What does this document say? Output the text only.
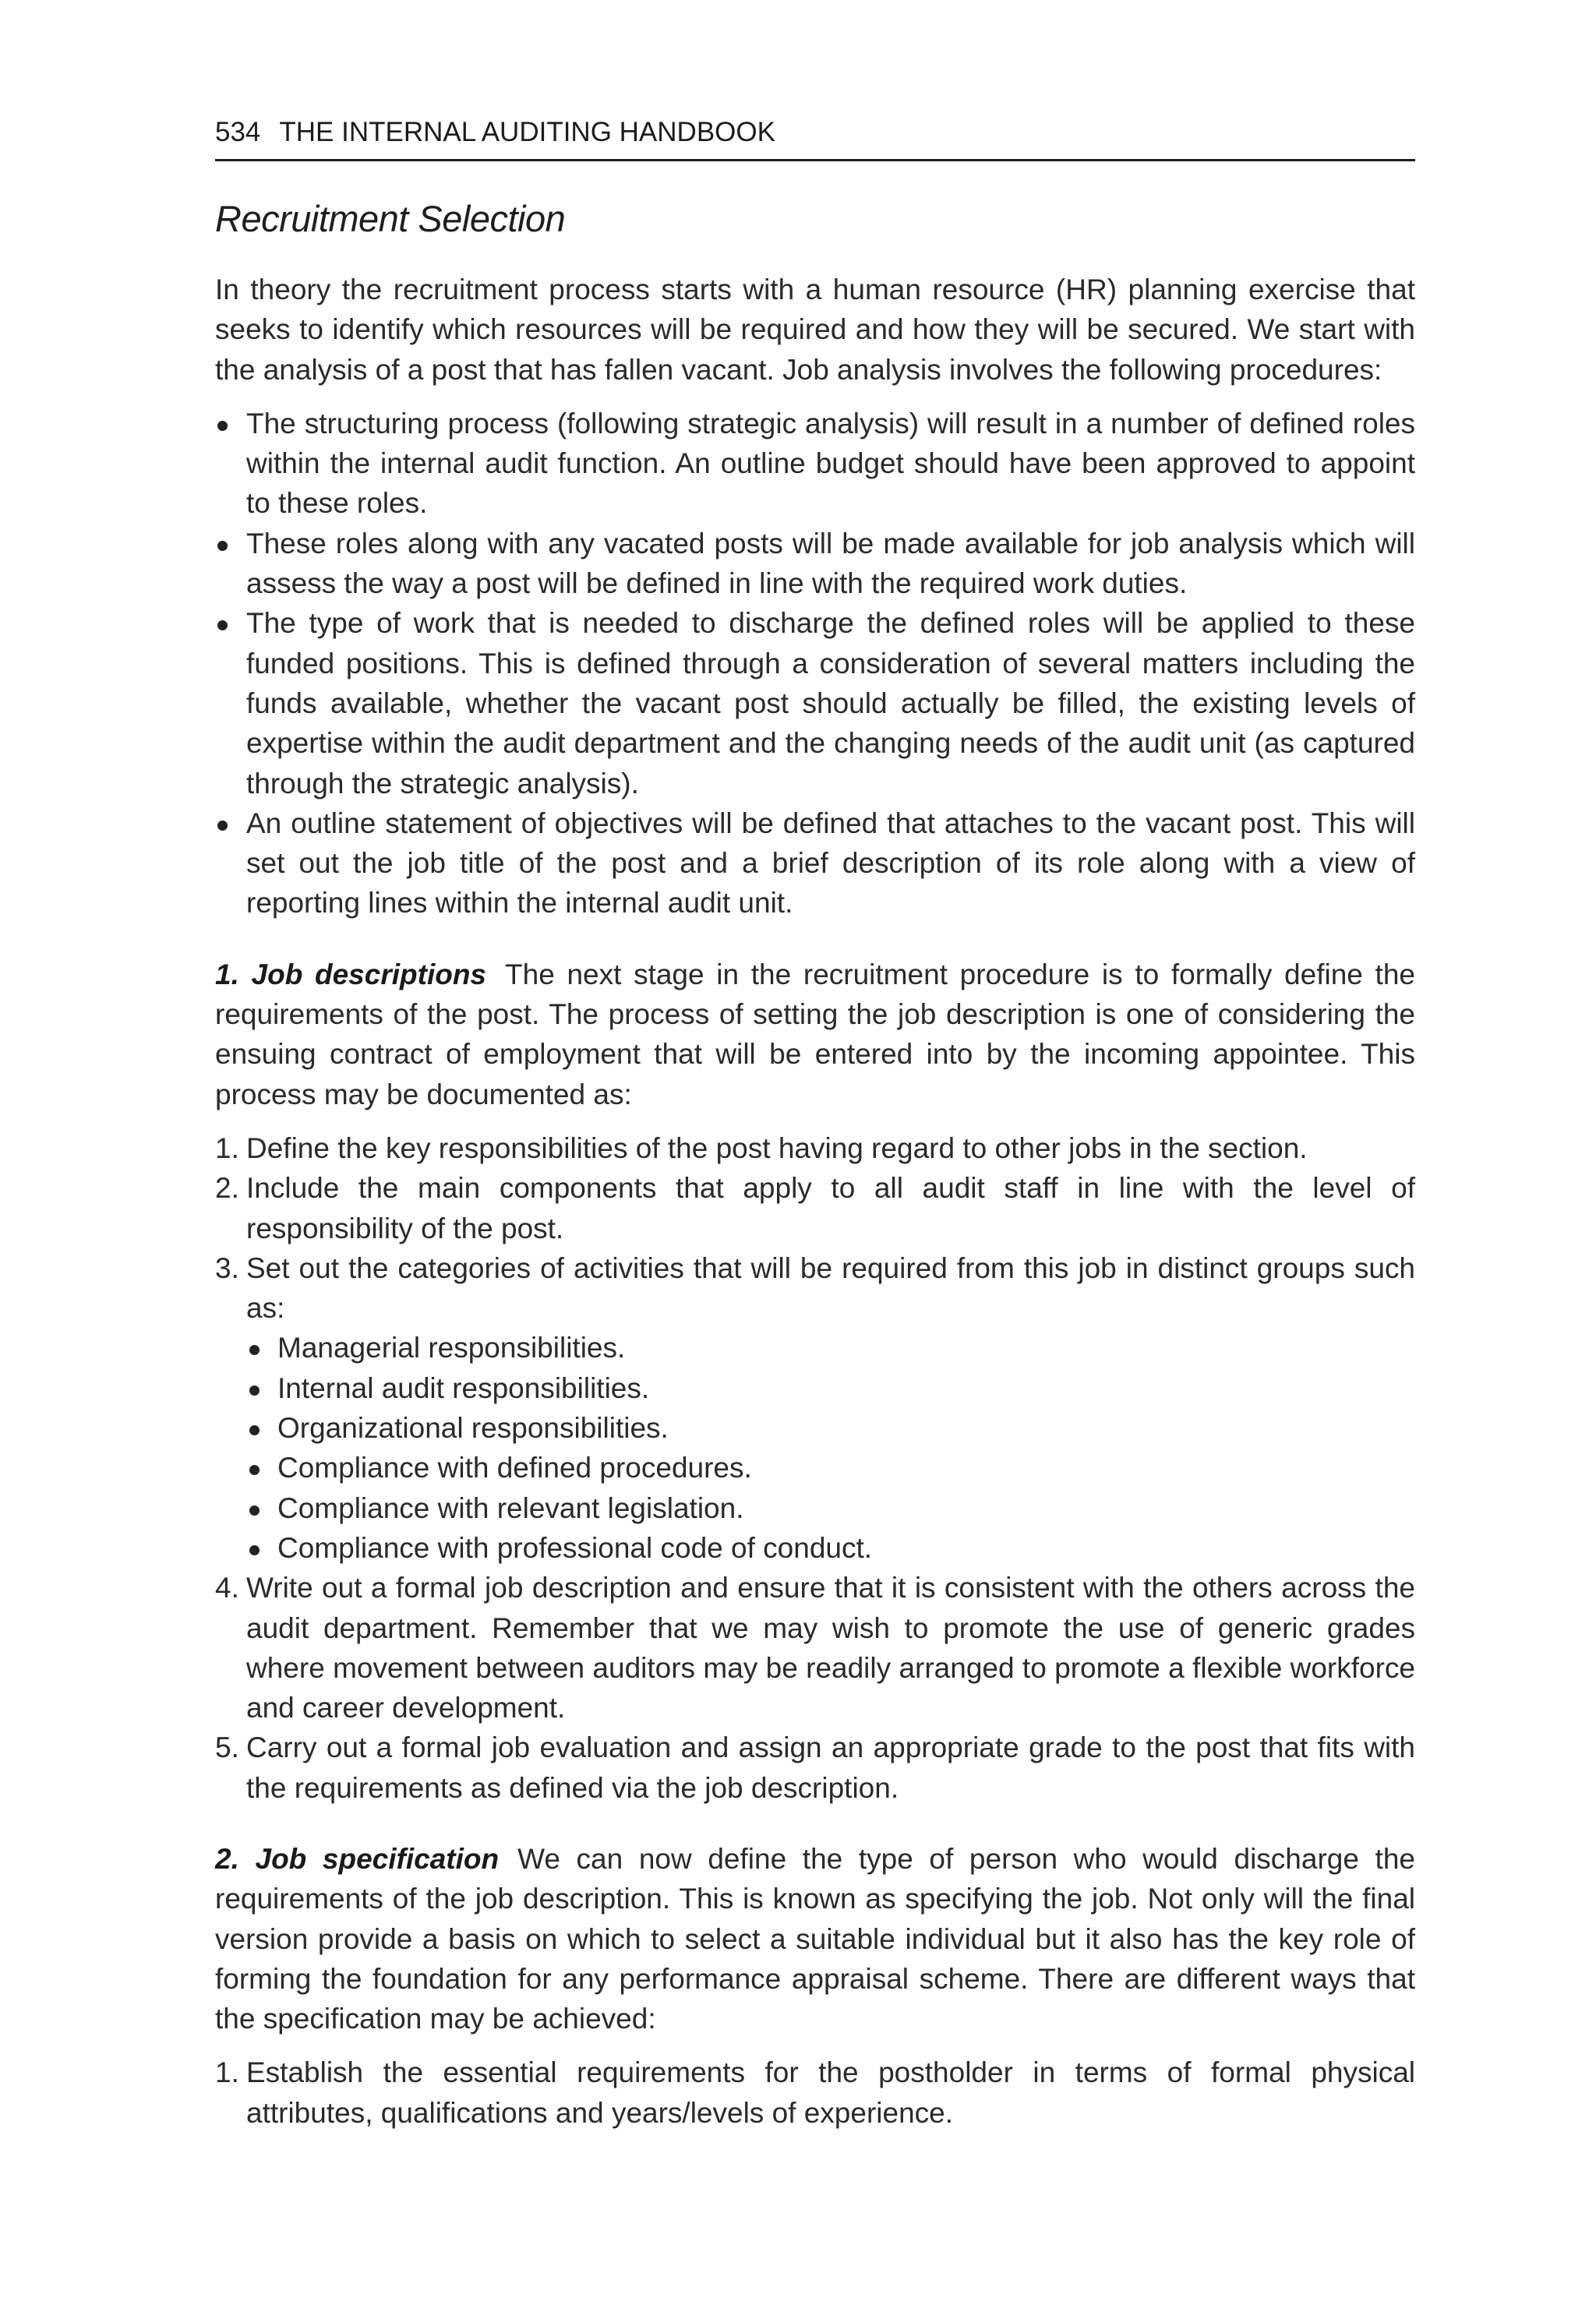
534 THE INTERNAL AUDITING HANDBOOK
Recruitment Selection

In theory the recruitment process starts with a human resource (HR) planning exercise that seeks to identify which resources will be required and how they will be secured. We start with the analysis of a post that has fallen vacant. Job analysis involves the following procedures:

The structuring process (following strategic analysis) will result in a number of defined roles within the internal audit function. An outline budget should have been approved to appoint to these roles.
These roles along with any vacated posts will be made available for job analysis which will assess the way a post will be defined in line with the required work duties.
The type of work that is needed to discharge the defined roles will be applied to these funded positions. This is defined through a consideration of several matters including the funds available, whether the vacant post should actually be filled, the existing levels of expertise within the audit department and the changing needs of the audit unit (as captured through the strategic analysis).
An outline statement of objectives will be defined that attaches to the vacant post. This will set out the job title of the post and a brief description of its role along with a view of reporting lines within the internal audit unit.

1. Job descriptions The next stage in the recruitment procedure is to formally define the requirements of the post. The process of setting the job description is one of considering the ensuing contract of employment that will be entered into by the incoming appointee. This process may be documented as:

1. Define the key responsibilities of the post having regard to other jobs in the section.
2. Include the main components that apply to all audit staff in line with the level of responsibility of the post.
3. Set out the categories of activities that will be required from this job in distinct groups such as:
Managerial responsibilities.
Internal audit responsibilities.
Organizational responsibilities.
Compliance with defined procedures.
Compliance with relevant legislation.
Compliance with professional code of conduct.
4. Write out a formal job description and ensure that it is consistent with the others across the audit department. Remember that we may wish to promote the use of generic grades where movement between auditors may be readily arranged to promote a flexible workforce and career development.
5. Carry out a formal job evaluation and assign an appropriate grade to the post that fits with the requirements as defined via the job description.

2. Job specification We can now define the type of person who would discharge the requirements of the job description. This is known as specifying the job. Not only will the final version provide a basis on which to select a suitable individual but it also has the key role of forming the foundation for any performance appraisal scheme. There are different ways that the specification may be achieved:

1. Establish the essential requirements for the postholder in terms of formal physical attributes, qualifications and years/levels of experience.
